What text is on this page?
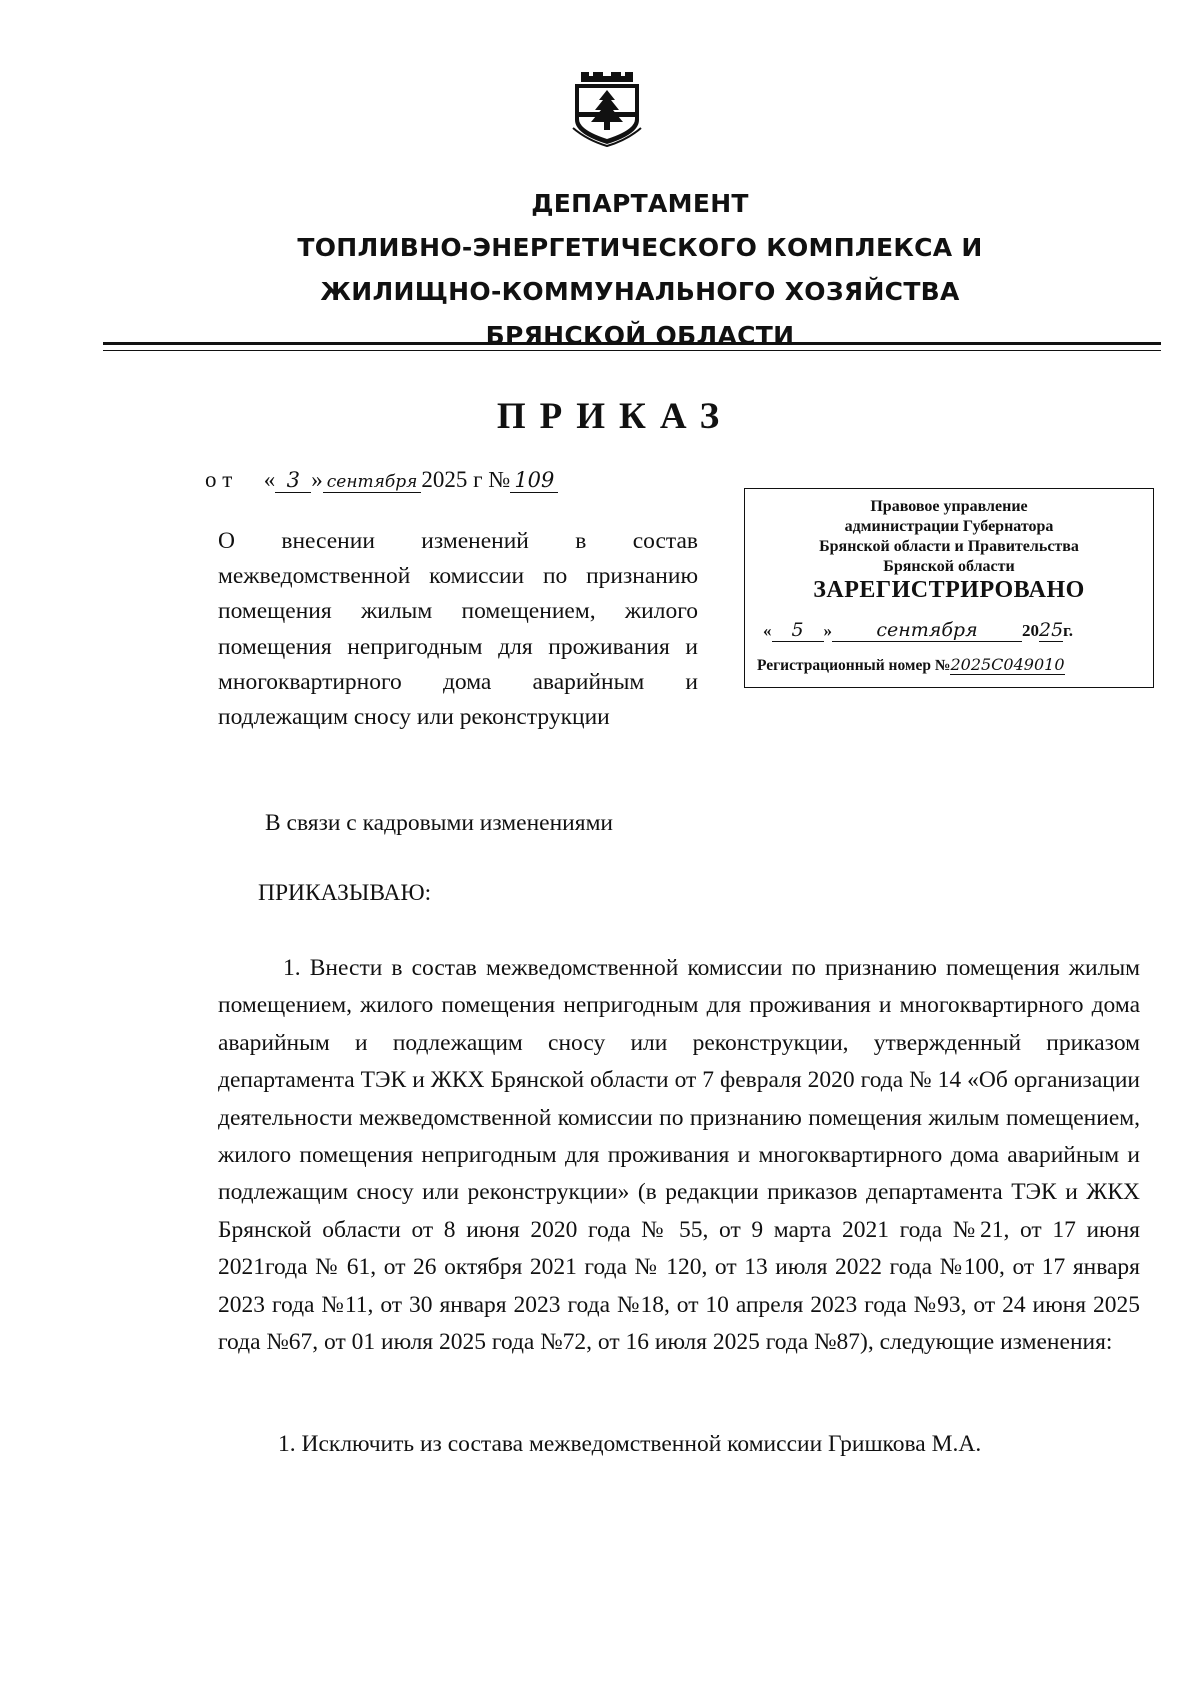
ДЕПАРТАМЕНТ
ТОПЛИВНО-ЭНЕРГЕТИЧЕСКОГО КОМПЛЕКСА И
ЖИЛИЩНО-КОММУНАЛЬНОГО ХОЗЯЙСТВА
БРЯНСКОЙ ОБЛАСТИ
ПРИКАЗ
от « 3 » сентября 2025 г № 109
О внесении изменений в состав межведомственной комиссии по признанию помещения жилым помещением, жилого помещения непригодным для проживания и многоквартирного дома аварийным и
подлежащим сносу или реконструкции
Правовое управление
администрации Губернатора
Брянской области и Правительства
Брянской области
ЗАРЕГИСТРИРОВАНО
« 5 » сентября	2025г.
Регистрационный номер №2025C049010
В связи с кадровыми изменениями
ПРИКАЗЫВАЮ:
1. Внести в состав межведомственной комиссии по признанию помещения жилым помещением, жилого помещения непригодным для проживания и многоквартирного дома аварийным и подлежащим сносу или реконструкции, утвержденный приказом департамента ТЭК и ЖКХ Брянской области от 7 февраля 2020 года № 14 «Об организации деятельности межведомственной комиссии по признанию помещения жилым помещением, жилого помещения непригодным для проживания и многоквартирного дома аварийным и подлежащим сносу или реконструкции» (в редакции приказов департамента ТЭК и ЖКХ Брянской области от 8 июня 2020 года № 55, от 9 марта 2021 года №21, от 17 июня 2021года № 61, от 26 октября 2021 года № 120, от 13 июля 2022 года №100, от 17 января 2023 года №11, от 30 января 2023 года №18, от 10 апреля 2023 года №93, от 24 июня 2025 года №67, от 01 июля 2025 года №72, от 16 июля 2025 года №87), следующие изменения:
1. Исключить из состава межведомственной комиссии Гришкова М.А.
